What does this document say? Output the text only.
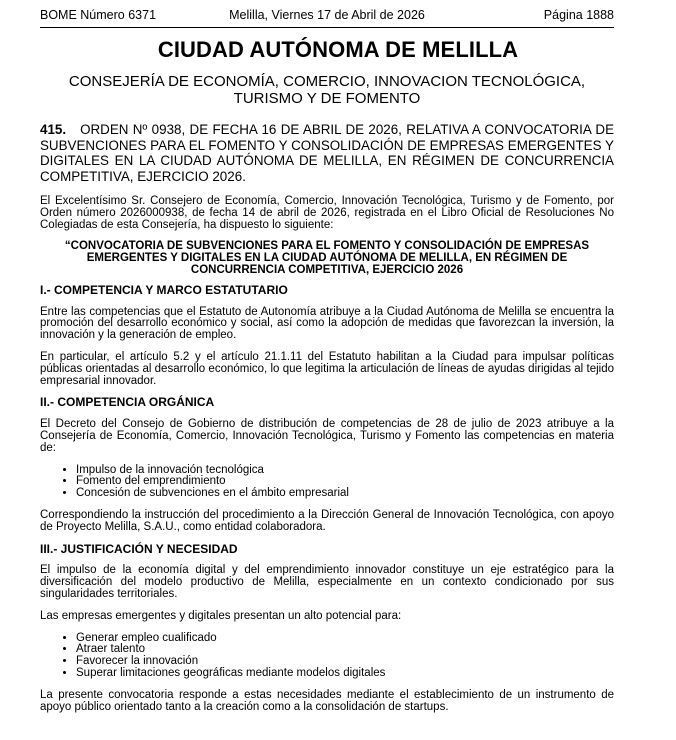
BOME Número 6371	Melilla, Viernes 17 de Abril de 2026	Página 1888
CIUDAD AUTÓNOMA DE MELILLA
CONSEJERÍA DE ECONOMÍA, COMERCIO, INNOVACION TECNOLÓGICA, TURISMO Y DE FOMENTO
415. ORDEN Nº 0938, DE FECHA 16 DE ABRIL DE 2026, RELATIVA A CONVOCATORIA DE SUBVENCIONES PARA EL FOMENTO Y CONSOLIDACIÓN DE EMPRESAS EMERGENTES Y DIGITALES EN LA CIUDAD AUTÓNOMA DE MELILLA, EN RÉGIMEN DE CONCURRENCIA COMPETITIVA, EJERCICIO 2026.

El Excelentísimo Sr. Consejero de Economía, Comercio, Innovación Tecnológica, Turismo y de Fomento, por Orden número 2026000938, de fecha 14 de abril de 2026, registrada en el Libro Oficial de Resoluciones No Colegiadas de esta Consejería, ha dispuesto lo siguiente:

“CONVOCATORIA DE SUBVENCIONES PARA EL FOMENTO Y CONSOLIDACIÓN DE EMPRESAS EMERGENTES Y DIGITALES EN LA CIUDAD AUTÓNOMA DE MELILLA, EN RÉGIMEN DE CONCURRENCIA COMPETITIVA, EJERCICIO 2026

I.- COMPETENCIA Y MARCO ESTATUTARIO

Entre las competencias que el Estatuto de Autonomía atribuye a la Ciudad Autónoma de Melilla se encuentra la promoción del desarrollo económico y social, así como la adopción de medidas que favorezcan la inversión, la innovación y la generación de empleo.

En particular, el artículo 5.2 y el artículo 21.1.11 del Estatuto habilitan a la Ciudad para impulsar políticas públicas orientadas al desarrollo económico, lo que legitima la articulación de líneas de ayudas dirigidas al tejido empresarial innovador.

II.- COMPETENCIA ORGÁNICA

El Decreto del Consejo de Gobierno de distribución de competencias de 28 de julio de 2023 atribuye a la Consejería de Economía, Comercio, Innovación Tecnológica, Turismo y Fomento las competencias en materia de:

• Impulso de la innovación tecnológica
• Fomento del emprendimiento
• Concesión de subvenciones en el ámbito empresarial

Correspondiendo la instrucción del procedimiento a la Dirección General de Innovación Tecnológica, con apoyo de Proyecto Melilla, S.A.U., como entidad colaboradora.

III.- JUSTIFICACIÓN Y NECESIDAD

El impulso de la economía digital y del emprendimiento innovador constituye un eje estratégico para la diversificación del modelo productivo de Melilla, especialmente en un contexto condicionado por sus singularidades territoriales.

Las empresas emergentes y digitales presentan un alto potencial para:

• Generar empleo cualificado
• Atraer talento
• Favorecer la innovación
• Superar limitaciones geográficas mediante modelos digitales

La presente convocatoria responde a estas necesidades mediante el establecimiento de un instrumento de apoyo público orientado tanto a la creación como a la consolidación de startups.
